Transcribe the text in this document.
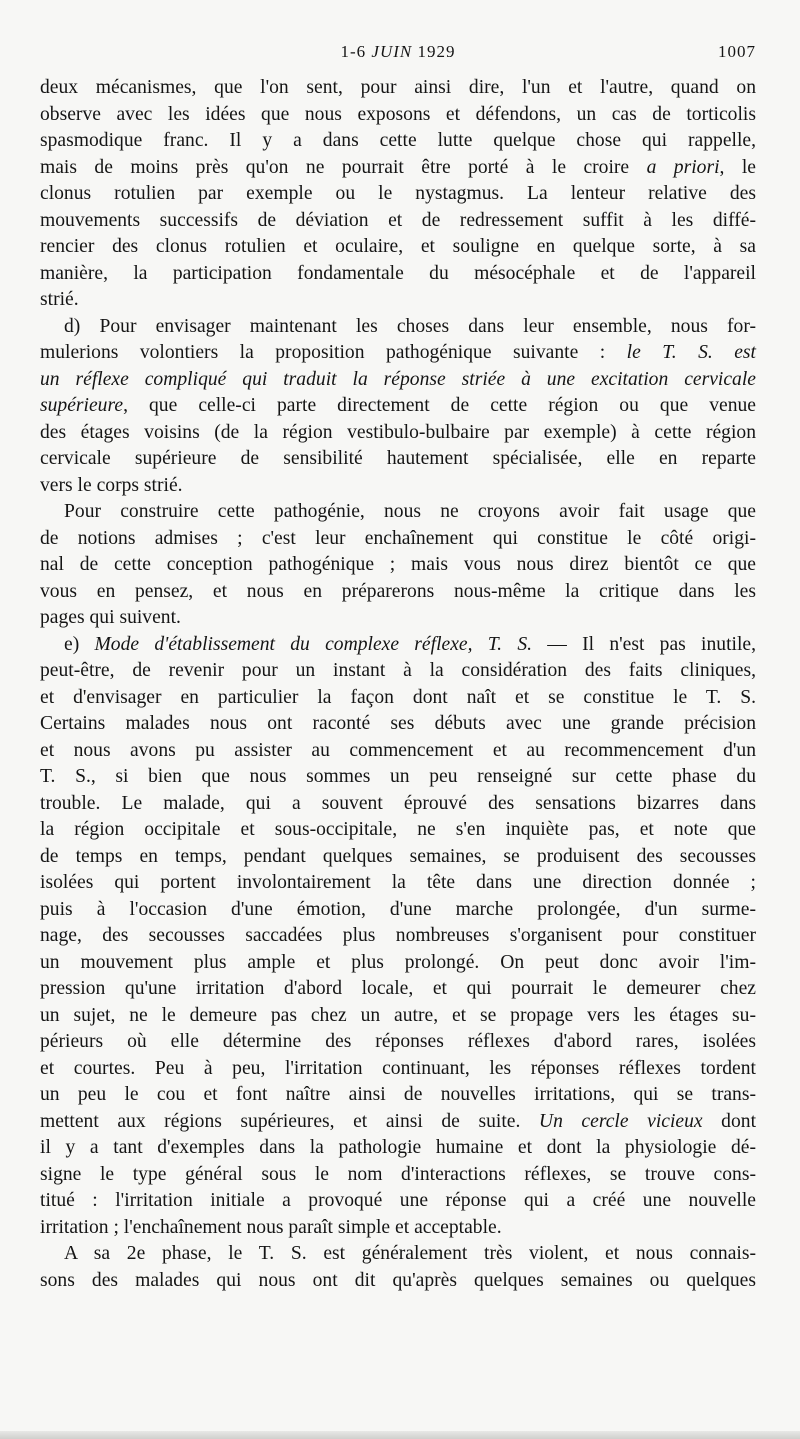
1-6 JUIN 1929	1007
deux mécanismes, que l'on sent, pour ainsi dire, l'un et l'autre, quand on
observe avec les idées que nous exposons et défendons, un cas de torticolis
spasmodique franc. Il y a dans cette lutte quelque chose qui rappelle,
mais de moins près qu'on ne pourrait être porté à le croire a priori, le
clonus rotulien par exemple ou le nystagmus. La lenteur relative des
mouvements successifs de déviation et de redressement suffit à les diffé-
rencier des clonus rotulien et oculaire, et souligne en quelque sorte, à sa
manière, la participation fondamentale du mésocéphale et de l'appareil
strié.
d) Pour envisager maintenant les choses dans leur ensemble, nous for-
mulerions volontiers la proposition pathogénique suivante : le T. S. est
un réflexe compliqué qui traduit la réponse striée à une excitation cervicale
supérieure, que celle-ci parte directement de cette région ou que venue
des étages voisins (de la région vestibulo-bulbaire par exemple) à cette région
cervicale supérieure de sensibilité hautement spécialisée, elle en reparte
vers le corps strié.
Pour construire cette pathogénie, nous ne croyons avoir fait usage que
de notions admises ; c'est leur enchaînement qui constitue le côté origi-
nal de cette conception pathogénique ; mais vous nous direz bientôt ce que
vous en pensez, et nous en préparerons nous-même la critique dans les
pages qui suivent.
e) Mode d'établissement du complexe réflexe, T. S. — Il n'est pas inutile,
peut-être, de revenir pour un instant à la considération des faits cliniques,
et d'envisager en particulier la façon dont naît et se constitue le T. S.
Certains malades nous ont raconté ses débuts avec une grande précision
et nous avons pu assister au commencement et au recommencement d'un
T. S., si bien que nous sommes un peu renseigné sur cette phase du
trouble. Le malade, qui a souvent éprouvé des sensations bizarres dans
la région occipitale et sous-occipitale, ne s'en inquiète pas, et note que
de temps en temps, pendant quelques semaines, se produisent des secousses
isolées qui portent involontairement la tête dans une direction donnée ;
puis à l'occasion d'une émotion, d'une marche prolongée, d'un surme-
nage, des secousses saccadées plus nombreuses s'organisent pour constituer
un mouvement plus ample et plus prolongé. On peut donc avoir l'im-
pression qu'une irritation d'abord locale, et qui pourrait le demeurer chez
un sujet, ne le demeure pas chez un autre, et se propage vers les étages su-
périeurs où elle détermine des réponses réflexes d'abord rares, isolées
et courtes. Peu à peu, l'irritation continuant, les réponses réflexes tordent
un peu le cou et font naître ainsi de nouvelles irritations, qui se trans-
mettent aux régions supérieures, et ainsi de suite. Un cercle vicieux dont
il y a tant d'exemples dans la pathologie humaine et dont la physiologie dé-
signe le type général sous le nom d'interactions réflexes, se trouve cons-
titué : l'irritation initiale a provoqué une réponse qui a créé une nouvelle
irritation ; l'enchaînement nous paraît simple et acceptable.
A sa 2e phase, le T. S. est généralement très violent, et nous connais-
sons des malades qui nous ont dit qu'après quelques semaines ou quelques
